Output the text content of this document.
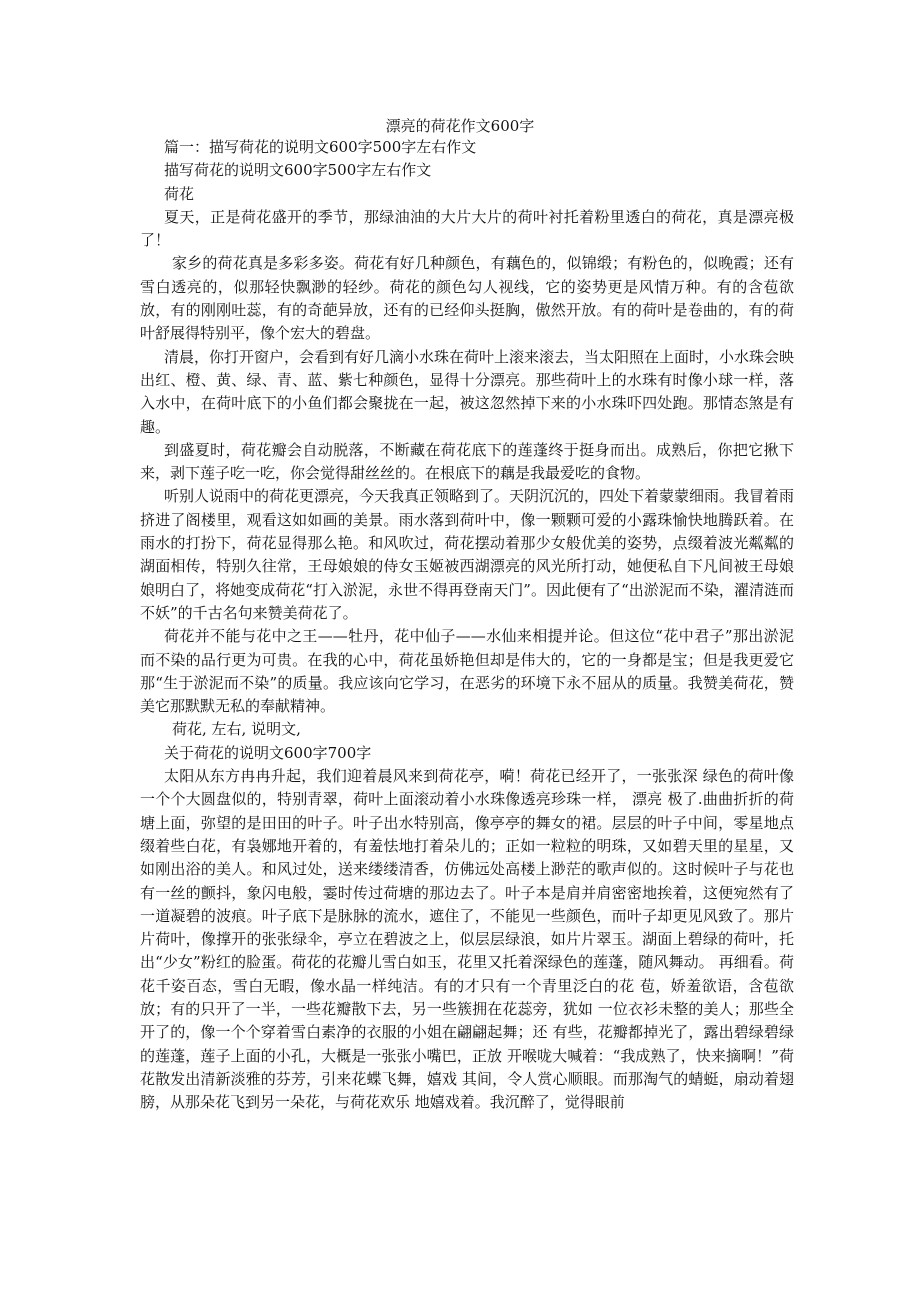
漂亮的荷花作文600字

篇一：描写荷花的说明文600字500字左右作文

描写荷花的说明文600字500字左右作文

荷花

夏天，正是荷花盛开的季节，那绿油油的大片大片的荷叶衬托着粉里透白的荷花，真是漂亮极了！

家乡的荷花真是多彩多姿。荷花有好几种颜色，有藕色的，似锦缎；有粉色的，似晚霞；还有雪白透亮的，似那轻快飘渺的轻纱。荷花的颜色勾人视线，它的姿势更是风情万种。有的含苞欲放，有的刚刚吐蕊，有的奇葩异放，还有的已经仰头挺胸，傲然开放。有的荷叶是卷曲的，有的荷叶舒展得特别平，像个宏大的碧盘。

清晨，你打开窗户，会看到有好几滴小水珠在荷叶上滚来滚去，当太阳照在上面时，小水珠会映出红、橙、黄、绿、青、蓝、紫七种颜色，显得十分漂亮。那些荷叶上的水珠有时像小球一样，落入水中，在荷叶底下的小鱼们都会聚拢在一起，被这忽然掉下来的小水珠吓四处跑。那情态煞是有趣。

到盛夏时，荷花瓣会自动脱落，不断藏在荷花底下的莲蓬终于挺身而出。成熟后，你把它揪下来，剥下莲子吃一吃，你会觉得甜丝丝的。在根底下的藕是我最爱吃的食物。

听别人说雨中的荷花更漂亮，今天我真正领略到了。天阴沉沉的，四处下着蒙蒙细雨。我冒着雨挤进了阁楼里，观看这如如画的美景。雨水落到荷叶中，像一颗颗可爱的小露珠愉快地腾跃着。在雨水的打扮下，荷花显得那么艳。和风吹过，荷花摆动着那少女般优美的姿势，点缀着波光粼粼的湖面相传，特别久往常，王母娘娘的侍女玉姬被西湖漂亮的风光所打动，她便私自下凡间被王母娘娘明白了，将她变成荷花“打入淤泥，永世不得再登南天门”。因此便有了“出淤泥而不染，濯清涟而不妖”的千古名句来赞美荷花了。

荷花并不能与花中之王——牡丹，花中仙子——水仙来相提并论。但这位“花中君子”那出淤泥而不染的品行更为可贵。在我的心中，荷花虽娇艳但却是伟大的，它的一身都是宝；但是我更爱它那“生于淤泥而不染”的质量。我应该向它学习，在恶劣的环境下永不屈从的质量。我赞美荷花，赞美它那默默无私的奉献精神。

荷花, 左右, 说明文,

关于荷花的说明文600字700字

太阳从东方冉冉升起，我们迎着晨风来到荷花亭，嗬！荷花已经开了，一张张深 绿色的荷叶像一个个大圆盘似的，特别青翠，荷叶上面滚动着小水珠像透亮珍珠一样， 漂亮 极了.曲曲折折的荷塘上面，弥望的是田田的叶子。叶子出水特别高，像亭亭的舞女的裙。层层的叶子中间，零星地点缀着些白花，有袅娜地开着的，有羞怯地打着朵儿的；正如一粒粒的明珠，又如碧天里的星星，又如刚出浴的美人。和风过处，送来缕缕清香，仿佛远处高楼上渺茫的歌声似的。这时候叶子与花也有一丝的颤抖，象闪电般，霎时传过荷塘的那边去了。叶子本是肩并肩密密地挨着，这便宛然有了一道凝碧的波痕。叶子底下是脉脉的流水，遮住了，不能见一些颜色，而叶子却更见风致了。那片片荷叶，像撑开的张张绿伞，亭立在碧波之上，似层层绿浪，如片片翠玉。湖面上碧绿的荷叶，托出“少女”粉红的脸蛋。荷花的花瓣儿雪白如玉，花里又托着深绿色的莲蓬，随风舞动。 再细看。荷花千姿百态，雪白无暇，像水晶一样纯洁。有的才只有一个青里泛白的花 苞，娇羞欲语，含苞欲放；有的只开了一半，一些花瓣散下去，另一些簇拥在花蕊旁，犹如 一位衣衫未整的美人；那些全开了的，像一个个穿着雪白素净的衣服的小姐在翩翩起舞；还 有些，花瓣都掉光了，露出碧绿碧绿的莲蓬，莲子上面的小孔，大概是一张张小嘴巴，正放 开喉咙大喊着：“我成熟了，快来摘啊！”荷花散发出清新淡雅的芬芳，引来花蝶飞舞，嬉戏 其间，令人赏心顺眼。而那淘气的蜻蜓，扇动着翅膀，从那朵花飞到另一朵花，与荷花欢乐 地嬉戏着。我沉醉了，觉得眼前
